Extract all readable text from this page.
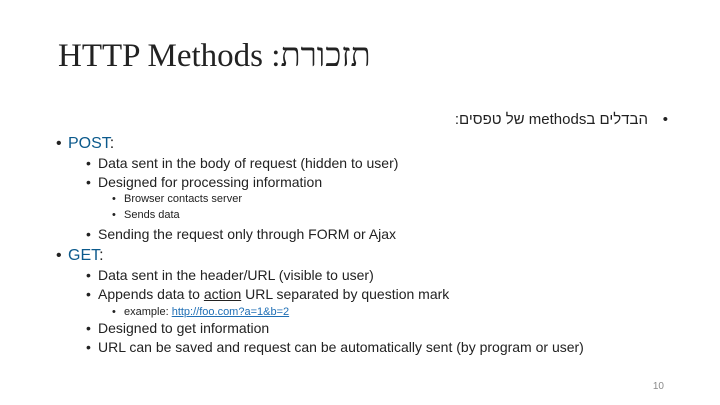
HTTP Methods :תזכורת
•הבדלים בmethods של טפסים:
• POST:
• Data sent in the body of request (hidden to user)
• Designed for processing information
• Browser contacts server
• Sends data
• Sending the request only through FORM or Ajax
• GET:
• Data sent in the header/URL (visible to user)
• Appends data to action URL separated by question mark
• example: http://foo.com?a=1&b=2
• Designed to get information
• URL can be saved and request can be automatically sent (by program or user)
10
